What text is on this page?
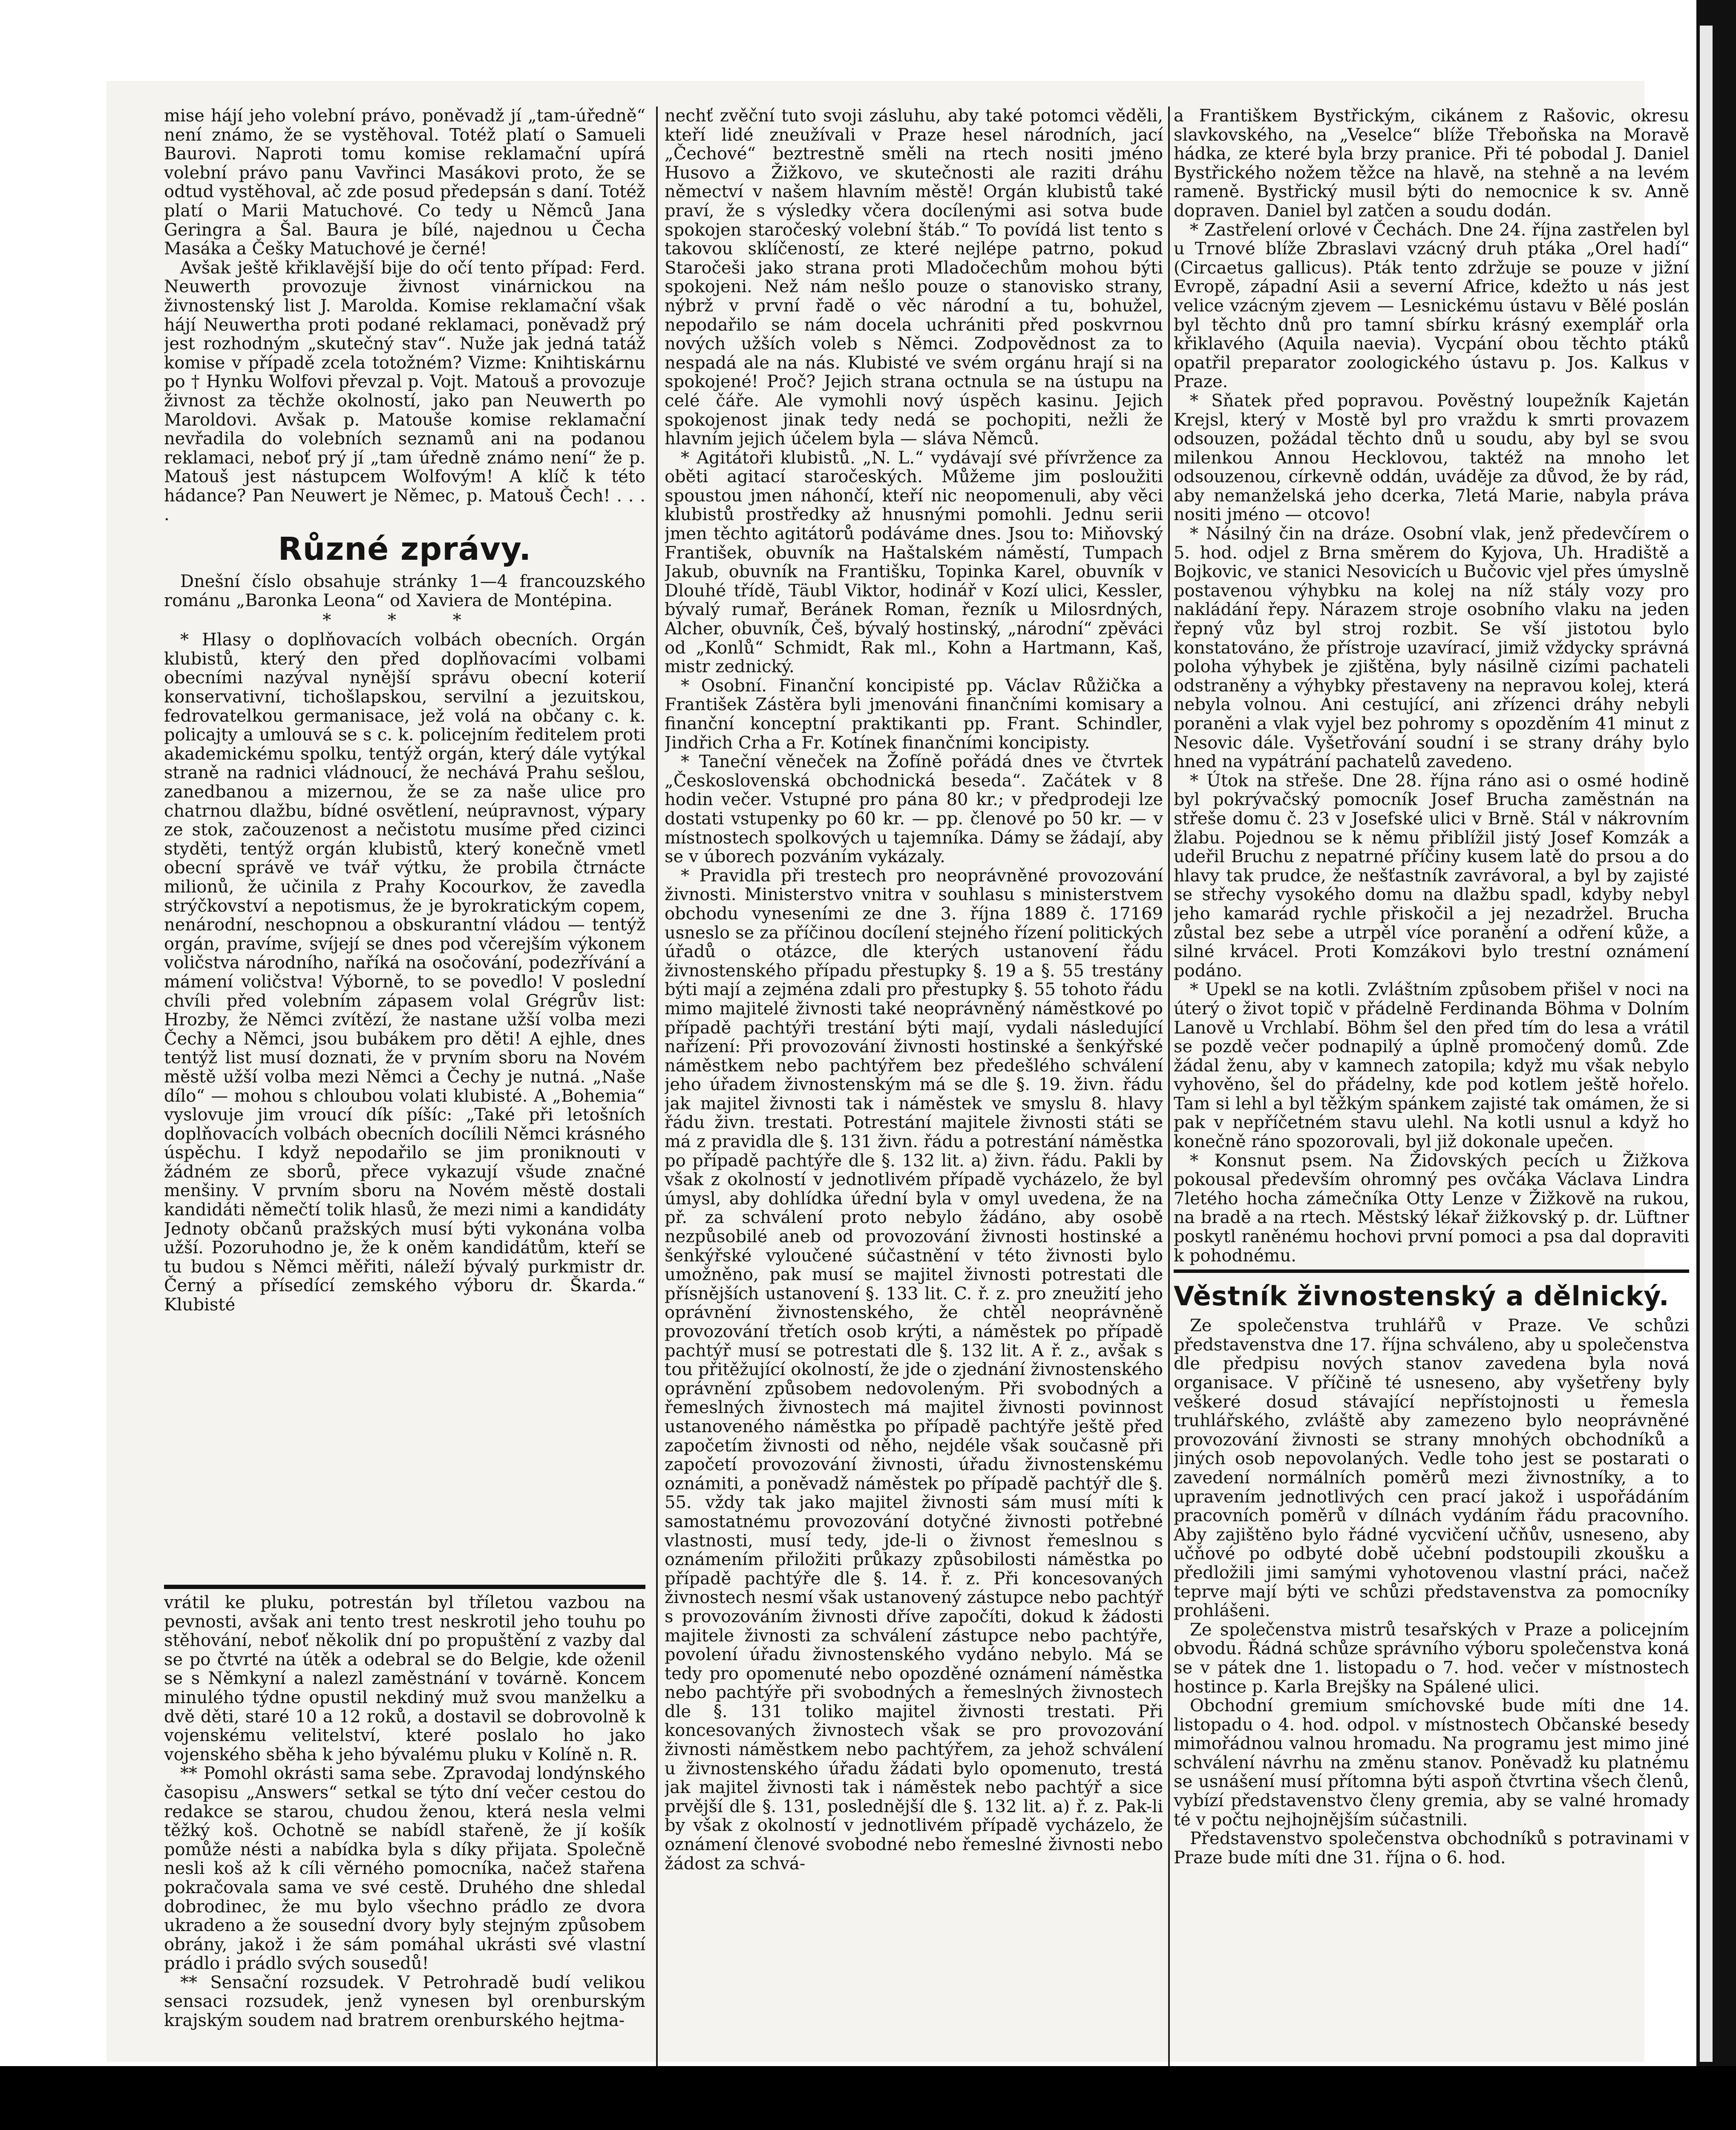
mise hájí jeho volební právo, poněvadž jí „tam-úředně“ není známo, že se vystěhoval. Totéž platí o Samueli Baurovi. Naproti tomu komise reklamační upírá volební právo panu Vavřinci Masákovi proto, že se odtud vystěhoval, ač zde posud předepsán s daní. Totéž platí o Marii Matuchové. Co tedy u Němců Jana Geringra a Šal. Baura je bílé, najednou u Čecha Masáka a Češky Matuchové je černé!

Avšak ještě křiklavější bije do očí tento případ: Ferd. Neuwerth provozuje živnost vinárnickou na živnostenský list J. Marolda. Komise reklamační však hájí Neuwertha proti podané reklamaci, poněvadž prý jest rozhodným „skutečný stav“. Nuže jak jedná tatáž komise v případě zcela totožném? Vizme: Knihtiskárnu po † Hynku Wolfovi převzal p. Vojt. Matouš a provozuje živnost za těchže okolností, jako pan Neuwerth po Maroldovi. Avšak p. Matouše komise reklamační nevřadila do volebních seznamů ani na podanou reklamaci, neboť prý jí „tam úředně známo není“ že p. Matouš jest nástupcem Wolfovým! A klíč k této hádance? Pan Neuwert je Němec, p. Matouš Čech! . . . .

Různé zprávy.

Dnešní číslo obsahuje stránky 1—4 francouzského románu „Baronka Leona“ od Xaviera de Montépina.

* * *

* Hlasy o doplňovacích volbách obecních. Orgán klubistů, který den před doplňovacími volbami obecními nazýval nynější správu obecní koterií konservativní, tichošlapskou, servilní a jezuitskou, fedrovatelkou germanisace, jež volá na občany c. k. policajty a umlouvá se s c. k. policejním ředitelem proti akademickému spolku, tentýž orgán, který dále vytýkal straně na radnici vládnoucí, že nechává Prahu sešlou, zanedbanou a mizernou, že se za naše ulice pro chatrnou dlažbu, bídné osvětlení, neúpravnost, výpary ze stok, začouzenost a nečistotu musíme před cizinci styděti, tentýž orgán klubistů, který konečně vmetl obecní správě ve tvář výtku, že probila čtrnácte milionů, že učinila z Prahy Kocourkov, že zavedla strýčkovství a nepotismus, že je byrokratickým copem, nenárodní, neschopnou a obskurantní vládou — tentýž orgán, pravíme, svíjejí se dnes pod včerejším výkonem voličstva národního, naříká na osočování, podezřívání a mámení voličstva! Výborně, to se povedlo! V poslední chvíli před volebním zápasem volal Grégrův list: Hrozby, že Němci zvítězí, že nastane užší volba mezi Čechy a Němci, jsou bubákem pro děti! A ejhle, dnes tentýž list musí doznati, že v prvním sboru na Novém městě užší volba mezi Němci a Čechy je nutná. „Naše dílo“ — mohou s chloubou volati klubisté. A „Bohemia“ vyslovuje jim vroucí dík píšíc: „Také při letošních doplňovacích volbách obecních docílili Němci krásného úspěchu. I když nepodařilo se jim proniknouti v žádném ze sborů, přece vykazují všude značné menšiny. V prvním sboru na Novém městě dostali kandidáti němečtí tolik hlasů, že mezi nimi a kandidáty Jednoty občanů pražských musí býti vykonána volba užší. Pozoruhodno je, že k oněm kandidátům, kteří se tu budou s Němci měřiti, náleží bývalý purkmistr dr. Černý a přísedící zemského výboru dr. Škarda.“ Klubisté

vrátil ke pluku, potrestán byl tříletou vazbou na pevnosti, avšak ani tento trest neskrotil jeho touhu po stěhování, neboť několik dní po propuštění z vazby dal se po čtvrté na útěk a odebral se do Belgie, kde oženil se s Němkyní a nalezl zaměstnání v továrně. Koncem minulého týdne opustil nekdiný muž svou manželku a dvě děti, staré 10 a 12 roků, a dostavil se dobrovolně k vojenskému velitelství, které poslalo ho jako vojenského sběha k jeho bývalému pluku v Kolíně n. R.

** Pomohl okrásti sama sebe. Zpravodaj londýnského časopisu „Answers“ setkal se týto dní večer cestou do redakce se starou, chudou ženou, která nesla velmi těžký koš. Ochotně se nabídl stařeně, že jí košík pomůže nésti a nabídka byla s díky přijata. Společně nesli koš až k cíli věrného pomocníka, načež stařena pokračovala sama ve své cestě. Druhého dne shledal dobrodinec, že mu bylo všechno prádlo ze dvora ukradeno a že sousední dvory byly stejným způsobem obrány, jakož i že sám pomáhal ukrásti své vlastní prádlo i prádlo svých sousedů!

** Sensační rozsudek. V Petrohradě budí velikou sensaci rozsudek, jenž vynesen byl orenburským krajským soudem nad bratrem orenburského hejtma-

nechť zvěční tuto svoji zásluhu, aby také potomci věděli, kteří lidé zneužívali v Praze hesel národních, jací „Čechové“ beztrestně směli na rtech nositi jméno Husovo a Žižkovo, ve skutečnosti ale raziti dráhu němectví v našem hlavním městě! Orgán klubistů také praví, že s výsledky včera docílenými asi sotva bude spokojen staročeský volební štáb.“ To povídá list tento s takovou sklíčeností, ze které nejlépe patrno, pokud Staročeši jako strana proti Mladočechům mohou býti spokojeni. Než nám nešlo pouze o stanovisko strany, nýbrž v první řadě o věc národní a tu, bohužel, nepodařilo se nám docela uchrániti před poskvrnou nových užších voleb s Němci. Zodpovědnost za to nespadá ale na nás. Klubisté ve svém orgánu hrají si na spokojené! Proč? Jejich strana octnula se na ústupu na celé čáře. Ale vymohli nový úspěch kasinu. Jejich spokojenost jinak tedy nedá se pochopiti, nežli že hlavním jejich účelem byla — sláva Němců.

* Agitátoři klubistů. „N. L.“ vydávají své přívržence za oběti agitací staročeských. Můžeme jim posloužiti spoustou jmen náhončí, kteří nic neopomenuli, aby věci klubistů prostředky až hnusnými pomohli. Jednu serii jmen těchto agitátorů podáváme dnes. Jsou to: Miňovský František, obuvník na Haštalském náměstí, Tumpach Jakub, obuvník na Františku, Topinka Karel, obuvník v Dlouhé třídě, Täubl Viktor, hodinář v Kozí ulici, Kessler, bývalý rumař, Beránek Roman, řezník u Milosrdných, Alcher, obuvník, Češ, bývalý hostinský, „národní“ zpěváci od „Konlů“ Schmidt, Rak ml., Kohn a Hartmann, Kaš, mistr zednický.

* Osobní. Finanční koncipisté pp. Václav Růžička a František Zástěra byli jmenováni finančními komisary a finanční konceptní praktikanti pp. Frant. Schindler, Jindřich Crha a Fr. Kotínek finančními koncipisty.

* Taneční věneček na Žofíně pořádá dnes ve čtvrtek „Československá obchodnická beseda“. Začátek v 8 hodin večer. Vstupné pro pána 80 kr.; v předprodeji lze dostati vstupenky po 60 kr. — pp. členové po 50 kr. — v místnostech spolkových u tajemníka. Dámy se žádají, aby se v úborech pozváním vykázaly.

* Pravidla při trestech pro neoprávněné provozování živnosti. Ministerstvo vnitra v souhlasu s ministerstvem obchodu vyneseními ze dne 3. října 1889 č. 17169 usneslo se za příčinou docílení stejného řízení politických úřadů o otázce, dle kterých ustanovení řádu živnostenského případu přestupky §. 19 a §. 55 trestány býti mají a zejména zdali pro přestupky §. 55 tohoto řádu mimo majitelé živnosti také neoprávněný náměstkové po případě pachtýři trestání býti mají, vydali následující nařízení: Při provozování živnosti hostinské a šenkýřské náměstkem nebo pachtýřem bez předešlého schválení jeho úřadem živnostenským má se dle §. 19. živn. řádu jak majitel živnosti tak i náměstek ve smyslu 8. hlavy řádu živn. trestati. Potrestání majitele živnosti státi se má z pravidla dle §. 131 živn. řádu a potrestání náměstka po případě pachtýře dle §. 132 lit. a) živn. řádu. Pakli by však z okolností v jednotlivém případě vycházelo, že byl úmysl, aby dohlídka úřední byla v omyl uvedena, že na př. za schválení proto nebylo žádáno, aby osobě nezpůsobilé aneb od provozování živnosti hostinské a šenkýřské vyloučené súčastnění v této živnosti bylo umožněno, pak musí se majitel živnosti potrestati dle přísnějších ustanovení §. 133 lit. C. ř. z. pro zneužití jeho oprávnění živnostenského, že chtěl neoprávněně provozování třetích osob krýti, a náměstek po případě pachtýř musí se potrestati dle §. 132 lit. A ř. z., avšak s tou přitěžující okolností, že jde o zjednání živnostenského oprávnění způsobem nedovoleným. Při svobodných a řemeslných živnostech má majitel živnosti povinnost ustanoveného náměstka po případě pachtýře ještě před započetím živnosti od něho, nejdéle však současně při započetí provozování živnosti, úřadu živnostenskému oznámiti, a poněvadž náměstek po případě pachtýř dle §. 55. vždy tak jako majitel živnosti sám musí míti k samostatnému provozování dotyčné živnosti potřebné vlastnosti, musí tedy, jde-li o živnost řemeslnou s oznámením přiložiti průkazy způsobilosti náměstka po případě pachtýře dle §. 14. ř. z. Při koncesovaných živnostech nesmí však ustanovený zástupce nebo pachtýř s provozováním živnosti dříve započíti, dokud k žádosti majitele živnosti za schválení zástupce nebo pachtýře, povolení úřadu živnostenského vydáno nebylo. Má se tedy pro opomenuté nebo opozděné oznámení náměstka nebo pachtýře při svobodných a řemeslných živnostech dle §. 131 toliko majitel živnosti trestati. Při koncesovaných živnostech však se pro provozování živnosti náměstkem nebo pachtýřem, za jehož schválení u živnostenského úřadu žádati bylo opomenuto, trestá jak majitel živnosti tak i náměstek nebo pachtýř a sice prvější dle §. 131, poslednější dle §. 132 lit. a) ř. z. Pak-li by však z okolností v jednotlivém případě vycházelo, že oznámení členové svobodné nebo řemeslné živnosti nebo žádost za schvá-

a Františkem Bystřickým, cikánem z Rašovic, okresu slavkovského, na „Veselce“ blíže Třeboňska na Moravě hádka, ze které byla brzy pranice. Při té pobodal J. Daniel Bystřického nožem těžce na hlavě, na stehně a na levém rameně. Bystřický musil býti do nemocnice k sv. Anně dopraven. Daniel byl zatčen a soudu dodán.

* Zastřelení orlové v Čechách. Dne 24. října zastřelen byl u Trnové blíže Zbraslavi vzácný druh ptáka „Orel hadí“ (Circaetus gallicus). Pták tento zdržuje se pouze v jižní Evropě, západní Asii a severní Africe, kdežto u nás jest velice vzácným zjevem — Lesnickému ústavu v Bělé poslán byl těchto dnů pro tamní sbírku krásný exemplář orla křiklavého (Aquila naevia). Vycpání obou těchto ptáků opatřil preparator zoologického ústavu p. Jos. Kalkus v Praze.

* Sňatek před popravou. Pověstný loupežník Kajetán Krejsl, který v Mostě byl pro vraždu k smrti provazem odsouzen, požádal těchto dnů u soudu, aby byl se svou milenkou Annou Hecklovou, taktéž na mnoho let odsouzenou, církevně oddán, uváděje za důvod, že by rád, aby nemanželská jeho dcerka, 7letá Marie, nabyla práva nositi jméno — otcovo!

* Násilný čin na dráze. Osobní vlak, jenž předevčírem o 5. hod. odjel z Brna směrem do Kyjova, Uh. Hradiště a Bojkovic, ve stanici Nesovicích u Bučovic vjel přes úmyslně postavenou výhybku na kolej na níž stály vozy pro nakládání řepy. Nárazem stroje osobního vlaku na jeden řepný vůz byl stroj rozbit. Se vší jistotou bylo konstatováno, že přístroje uzavírací, jimiž vždycky správná poloha výhybek je zjištěna, byly násilně cizími pachateli odstraněny a výhybky přestaveny na nepravou kolej, která nebyla volnou. Ani cestující, ani zřízenci dráhy nebyli poraněni a vlak vyjel bez pohromy s opozděním 41 minut z Nesovic dále. Vyšetřování soudní i se strany dráhy bylo hned na vypátrání pachatelů zavedeno.

* Útok na střeše. Dne 28. října ráno asi o osmé hodině byl pokrývačský pomocník Josef Brucha zaměstnán na střeše domu č. 23 v Josefské ulici v Brně. Stál v nákrovním žlabu. Pojednou se k němu přiblížil jistý Josef Komzák a udeřil Bruchu z nepatrné příčiny kusem latě do prsou a do hlavy tak prudce, že nešťastník zavrávoral, a byl by zajisté se střechy vysokého domu na dlažbu spadl, kdyby nebyl jeho kamarád rychle přiskočil a jej nezadržel. Brucha zůstal bez sebe a utrpěl více poranění a odření kůže, a silné krvácel. Proti Komzákovi bylo trestní oznámení podáno.

* Upekl se na kotli. Zvláštním způsobem přišel v noci na úterý o život topič v přádelně Ferdinanda Böhma v Dolním Lanově u Vrchlabí. Böhm šel den před tím do lesa a vrátil se pozdě večer podnapilý a úplně promočený domů. Zde žádal ženu, aby v kamnech zatopila; když mu však nebylo vyhověno, šel do přádelny, kde pod kotlem ještě hořelo. Tam si lehl a byl těžkým spánkem zajisté tak omámen, že si pak v nepříčetném stavu ulehl. Na kotli usnul a když ho konečně ráno spozorovali, byl již dokonale upečen.

* Konsnut psem. Na Židovských pecích u Žižkova pokousal především ohromný pes ovčáka Václava Lindra 7letého hocha zámečníka Otty Lenze v Žižkově na rukou, na bradě a na rtech. Městský lékař žižkovský p. dr. Lüftner poskytl raněnému hochovi první pomoci a psa dal dopraviti k pohodnému.

Věstník živnostenský a dělnický.

Ze společenstva truhlářů v Praze. Ve schůzi představenstva dne 17. října schváleno, aby u společenstva dle předpisu nových stanov zavedena byla nová organisace. V příčině té usneseno, aby vyšetřeny byly veškeré dosud stávající nepřístojnosti u řemesla truhlářského, zvláště aby zamezeno bylo neoprávněné provozování živnosti se strany mnohých obchodníků a jiných osob nepovolaných. Vedle toho jest se postarati o zavedení normálních poměrů mezi živnostníky, a to upravením jednotlivých cen prací jakož i uspořádáním pracovních poměrů v dílnách vydáním řádu pracovního. Aby zajištěno bylo řádné vycvičení učňův, usneseno, aby učňové po odbyté době učební podstoupili zkoušku a předložili jimi samými vyhotovenou vlastní práci, načež teprve mají býti ve schůzi představenstva za pomocníky prohlášeni.

Ze společenstva mistrů tesařských v Praze a policejním obvodu. Řádná schůze správního výboru společenstva koná se v pátek dne 1. listopadu o 7. hod. večer v místnostech hostince p. Karla Brejšky na Spálené ulici.

Obchodní gremium smíchovské bude míti dne 14. listopadu o 4. hod. odpol. v místnostech Občanské besedy mimořádnou valnou hromadu. Na programu jest mimo jiné schválení návrhu na změnu stanov. Poněvadž ku platnému se usnášení musí přítomna býti aspoň čtvrtina všech členů, vybízí představenstvo členy gremia, aby se valné hromady té v počtu nejhojnějším súčastnili.

Představenstvo společenstva obchodníků s potravinami v Praze bude míti dne 31. října o 6. hod.
